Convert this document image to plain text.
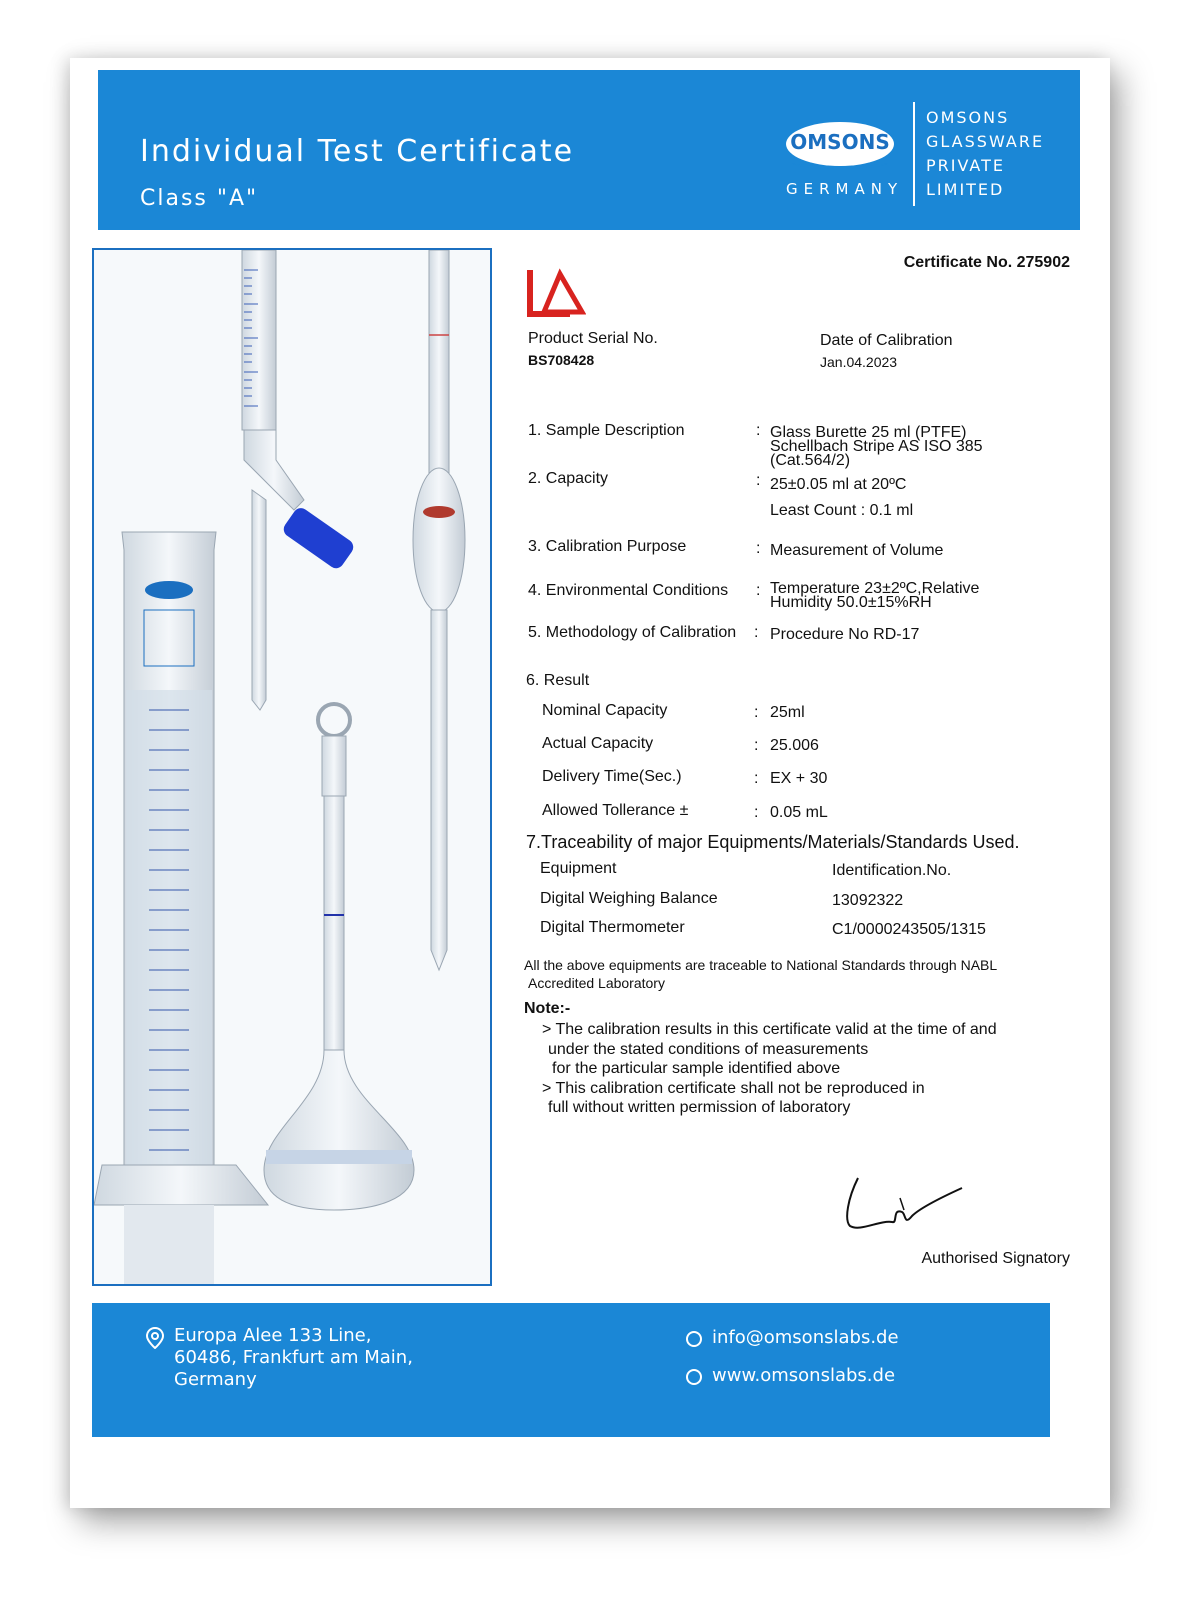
Individual Test Certificate
Class "A"
OMSONS
GERMANY
OMSONS
GLASSWARE
PRIVATE
LIMITED
Certificate No. 275902
Product Serial No.
BS708428
Date of Calibration
Jan.04.2023
1. Sample Description	: Glass Burette 25 ml (PTFE)
Schellbach Stripe AS ISO 385
(Cat.564/2)
2. Capacity	: 25±0.05 ml at 20ºC
Least Count : 0.1 ml
3. Calibration Purpose	: Measurement of Volume
4. Environmental Conditions : Temperature 23±2ºC,Relative
Humidity 50.0±15%RH
5. Methodology of Calibration : Procedure No RD-17
6. Result
Nominal Capacity	: 25ml
Actual Capacity	: 25.006
Delivery Time(Sec.)	: EX + 30
Allowed Tollerance ±	: 0.05 mL
7.Traceability of major Equipments/Materials/Standards Used.
Equipment	Identification.No.
Digital Weighing Balance	13092322
Digital Thermometer	C1/0000243505/1315
All the above equipments are traceable to National Standards through NABL
Accredited Laboratory
Note:-
> The calibration results in this certificate valid at the time of and
under the stated conditions of measurements
for the particular sample identified above
> This calibration certificate shall not be reproduced in
full without written permission of laboratory
Authorised Signatory
Europa Alee 133 Line,
60486, Frankfurt am Main,
Germany
info@omsonslabs.de
www.omsonslabs.de
